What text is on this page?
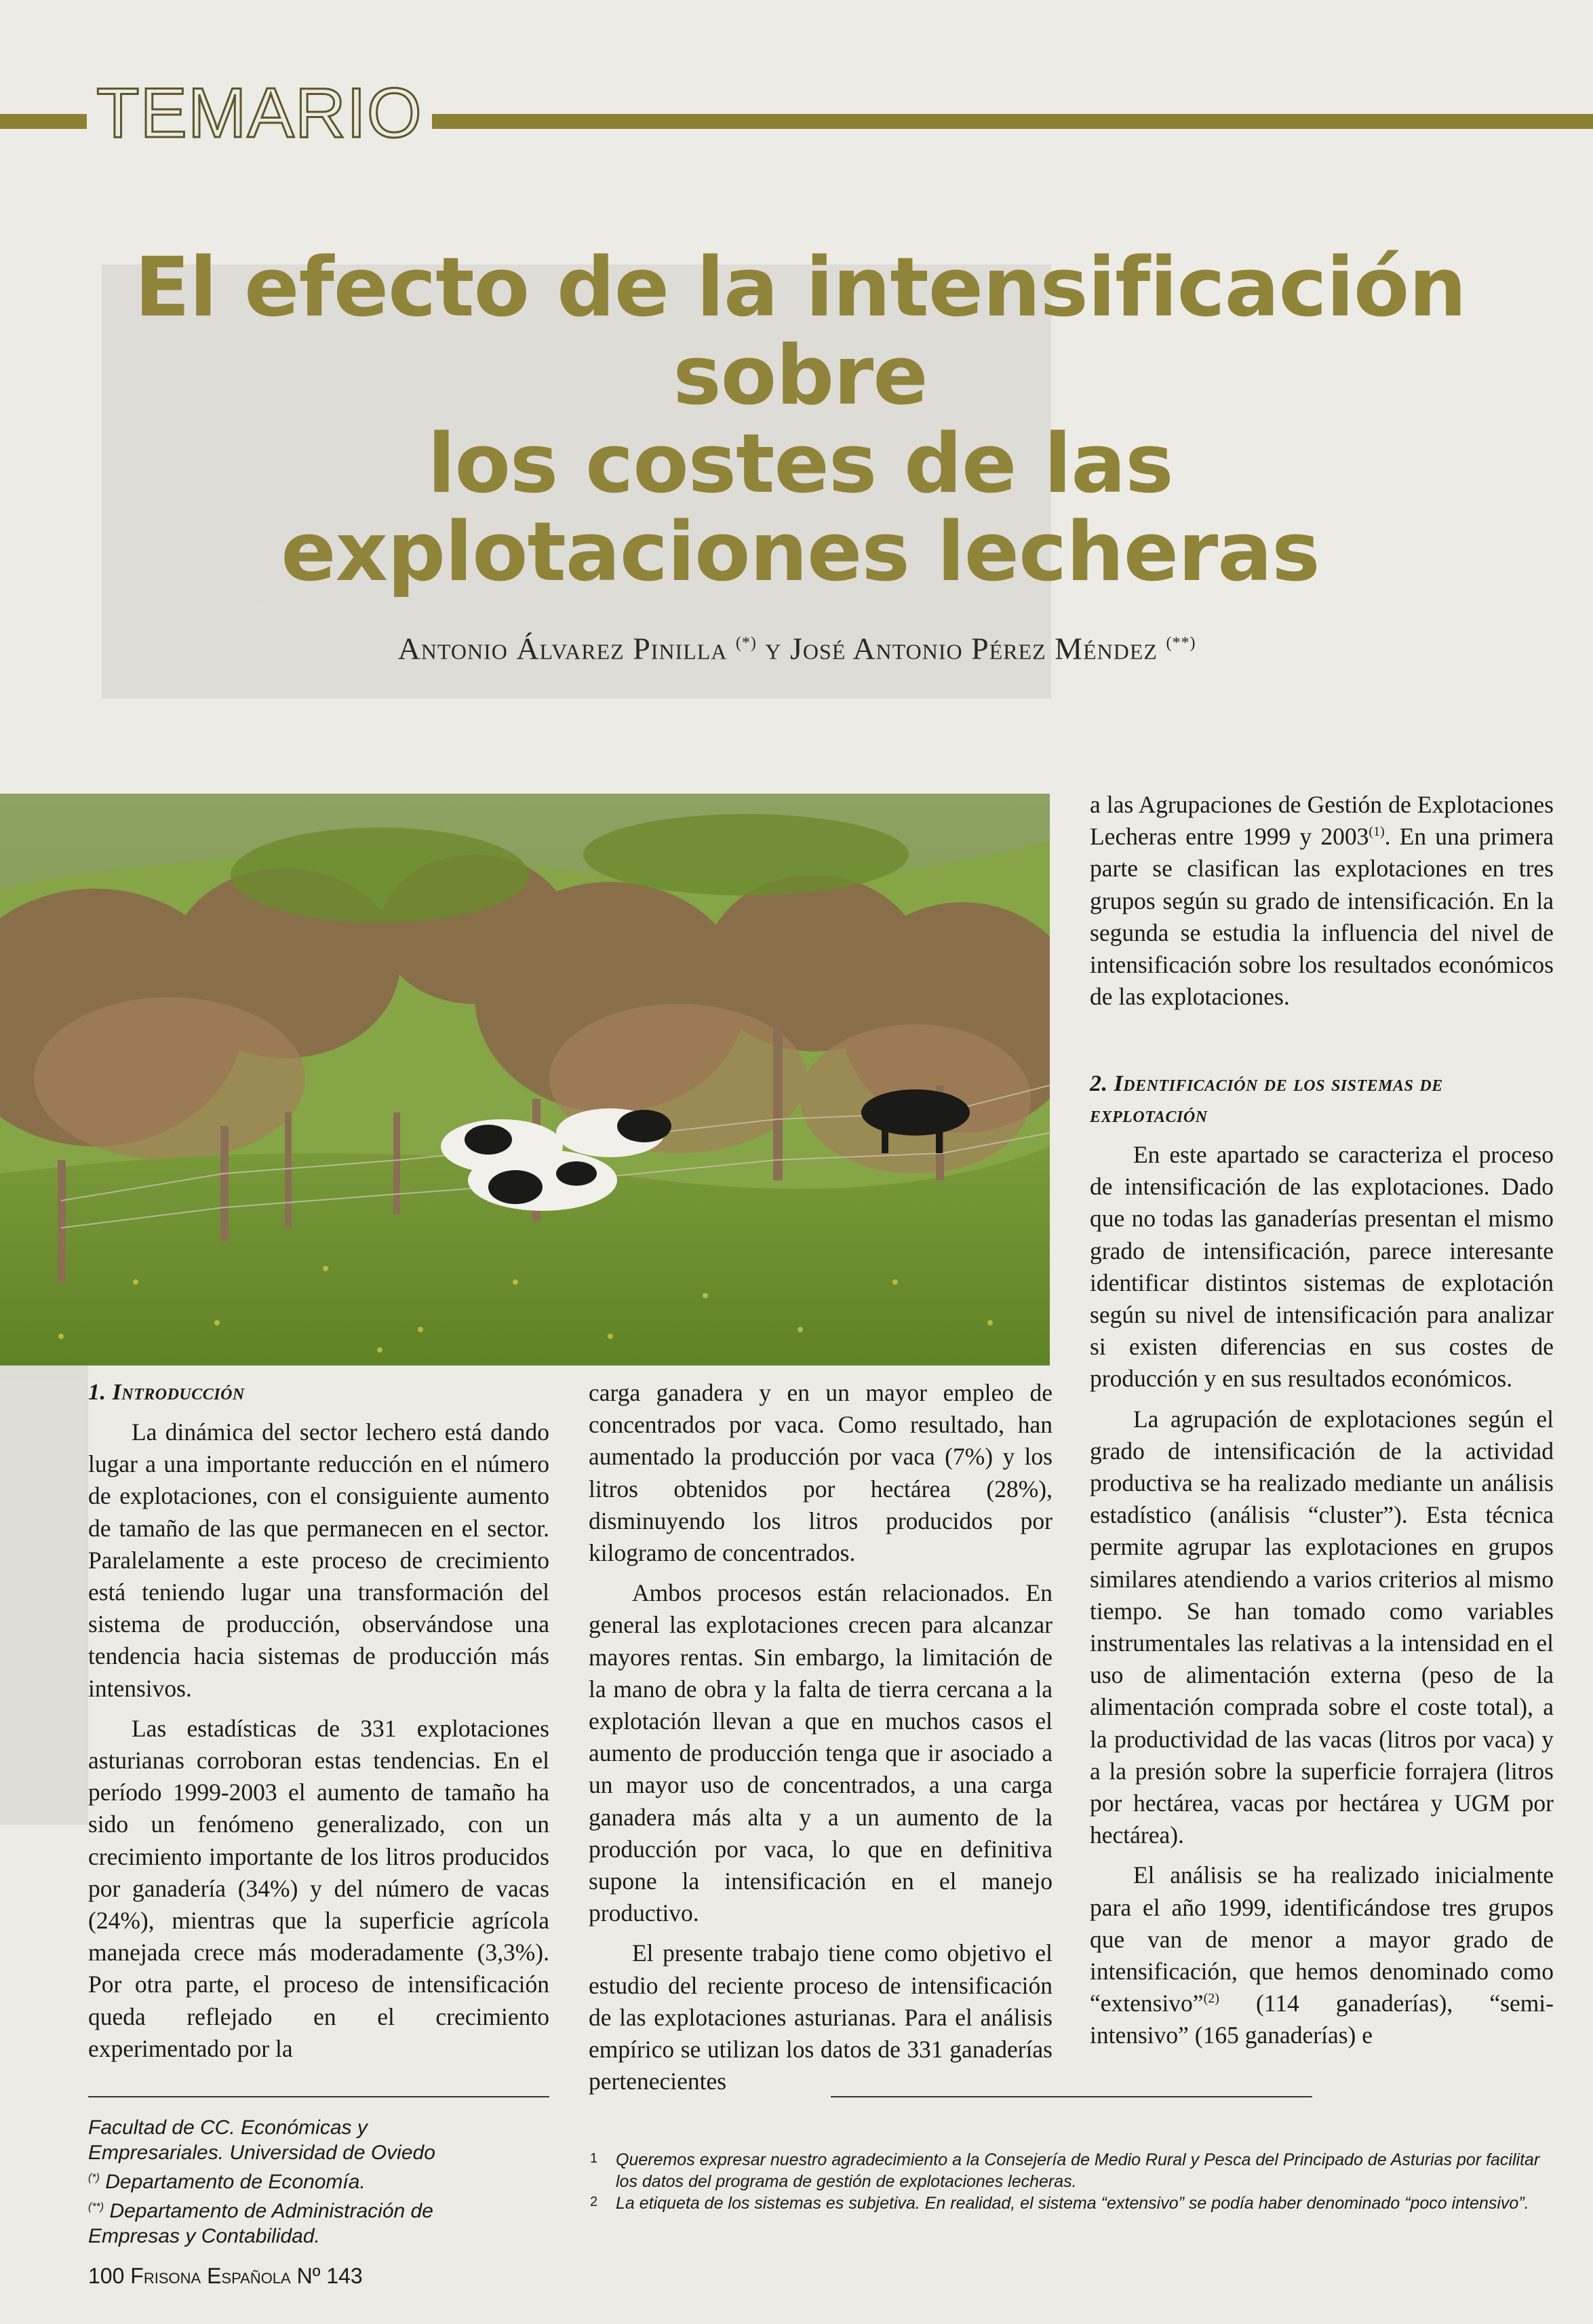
TEMARIO
El efecto de la intensificación sobre
los costes de las
explotaciones lecheras
Antonio Álvarez Pinilla (*) y José Antonio Pérez Méndez (**)

a las Agrupaciones de Gestión de Explotaciones Lecheras entre 1999 y 2003$^{(1)}$. En una primera parte se clasifican las explotaciones en tres grupos según su grado de intensificación. En la segunda se estudia la influencia del nivel de intensificación sobre los resultados económicos de las explotaciones.

2. Identificación de los sistemas de explotación

En este apartado se caracteriza el proceso de intensificación de las explotaciones. Dado que no todas las ganaderías presentan el mismo grado de intensificación, parece interesante identificar distintos sistemas de explotación según su nivel de intensificación para analizar si existen diferencias en sus costes de producción y en sus resultados económicos.

La agrupación de explotaciones según el grado de intensificación de la actividad productiva se ha realizado mediante un análisis estadístico (análisis “cluster”). Esta técnica permite agrupar las explotaciones en grupos similares atendiendo a varios criterios al mismo tiempo. Se han tomado como variables instrumentales las relativas a la intensidad en el uso de alimentación externa (peso de la alimentación comprada sobre el coste total), a la productividad de las vacas (litros por vaca) y a la presión sobre la superficie forrajera (litros por hectárea, vacas por hectárea y UGM por hectárea).

El análisis se ha realizado inicialmente para el año 1999, identificándose tres grupos que van de menor a mayor grado de intensificación, que hemos denominado como “extensivo”$^{(2)}$ (114 ganaderías), “semi-intensivo” (165 ganaderías) e

1. Introducción

La dinámica del sector lechero está dando lugar a una importante reducción en el número de explotaciones, con el consiguiente aumento de tamaño de las que permanecen en el sector. Paralelamente a este proceso de crecimiento está teniendo lugar una transformación del sistema de producción, observándose una tendencia hacia sistemas de producción más intensivos.

Las estadísticas de 331 explotaciones asturianas corroboran estas tendencias. En el período 1999-2003 el aumento de tamaño ha sido un fenómeno generalizado, con un crecimiento importante de los litros producidos por ganadería (34%) y del número de vacas (24%), mientras que la superficie agrícola manejada crece más moderadamente (3,3%). Por otra parte, el proceso de intensificación queda reflejado en el crecimiento experimentado por la

carga ganadera y en un mayor empleo de concentrados por vaca. Como resultado, han aumentado la producción por vaca (7%) y los litros obtenidos por hectárea (28%), disminuyendo los litros producidos por kilogramo de concentrados.

Ambos procesos están relacionados. En general las explotaciones crecen para alcanzar mayores rentas. Sin embargo, la limitación de la mano de obra y la falta de tierra cercana a la explotación llevan a que en muchos casos el aumento de producción tenga que ir asociado a un mayor uso de concentrados, a una carga ganadera más alta y a un aumento de la producción por vaca, lo que en definitiva supone la intensificación en el manejo productivo.

El presente trabajo tiene como objetivo el estudio del reciente proceso de intensificación de las explotaciones asturianas. Para el análisis empírico se utilizan los datos de 331 ganaderías pertenecientes

Facultad de CC. Económicas y
Empresariales. Universidad de Oviedo
(*) Departamento de Economía.
(**) Departamento de Administración de
Empresas y Contabilidad.
1	Queremos expresar nuestro agradecimiento a la Consejería de Medio Rural y Pesca del Principado de Asturias por facilitar los datos del programa de gestión de explotaciones lecheras.
2	La etiqueta de los sistemas es subjetiva. En realidad, el sistema “extensivo” se podía haber denominado “poco intensivo”.
100 Frisona Española Nº 143
